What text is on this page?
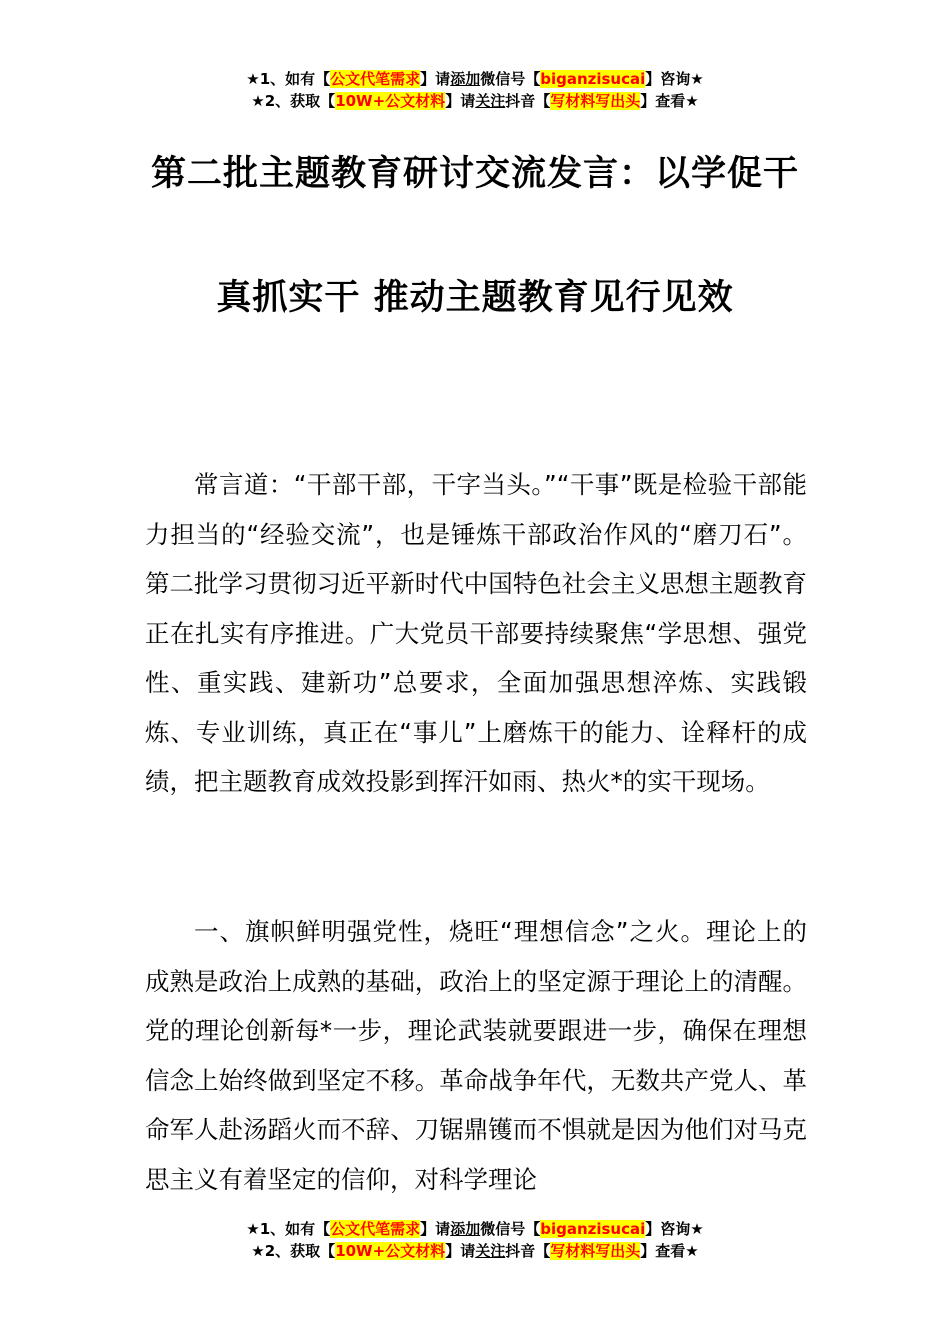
★1、如有【公文代笔需求】请添加微信号【biganzisucai】咨询★
★2、获取【10W+公文材料】请关注抖音【写材料写出头】查看★
第二批主题教育研讨交流发言：以学促干
真抓实干 推动主题教育见行见效

常言道：“干部干部，干字当头。”“干事”既是检验干部能力担当的“经验交流”，也是锤炼干部政治作风的“磨刀石”。第二批学习贯彻习近平新时代中国特色社会主义思想主题教育正在扎实有序推进。广大党员干部要持续聚焦“学思想、强党性、重实践、建新功”总要求，全面加强思想淬炼、实践锻炼、专业训练，真正在“事儿”上磨炼干的能力、诠释杆的成绩，把主题教育成效投影到挥汗如雨、热火*的实干现场。

一、旗帜鲜明强党性，烧旺“理想信念”之火。理论上的成熟是政治上成熟的基础，政治上的坚定源于理论上的清醒。党的理论创新每*一步，理论武装就要跟进一步，确保在理想信念上始终做到坚定不移。革命战争年代，无数共产党人、革命军人赴汤蹈火而不辞、刀锯鼎镬而不惧就是因为他们对马克思主义有着坚定的信仰，对科学理论

★1、如有【公文代笔需求】请添加微信号【biganzisucai】咨询★
★2、获取【10W+公文材料】请关注抖音【写材料写出头】查看★
